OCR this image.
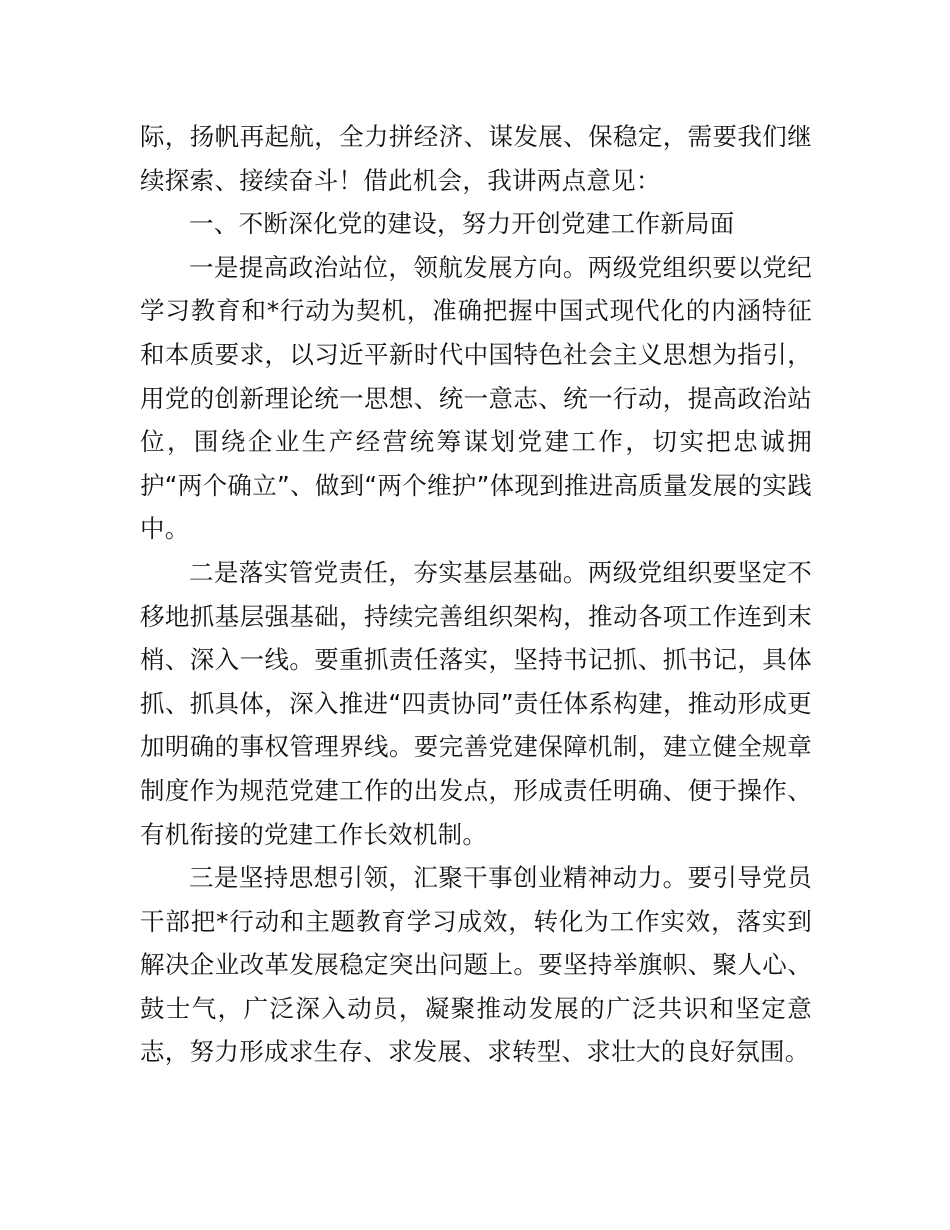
际，扬帆再起航，全力拼经济、谋发展、保稳定，需要我们继续探索、接续奋斗！借此机会，我讲两点意见：

一、不断深化党的建设，努力开创党建工作新局面

一是提高政治站位，领航发展方向。两级党组织要以党纪学习教育和*行动为契机，准确把握中国式现代化的内涵特征和本质要求，以习近平新时代中国特色社会主义思想为指引，用党的创新理论统一思想、统一意志、统一行动，提高政治站位，围绕企业生产经营统筹谋划党建工作，切实把忠诚拥护“两个确立”、做到“两个维护”体现到推进高质量发展的实践中。

二是落实管党责任，夯实基层基础。两级党组织要坚定不移地抓基层强基础，持续完善组织架构，推动各项工作连到末梢、深入一线。要重抓责任落实，坚持书记抓、抓书记，具体抓、抓具体，深入推进“四责协同”责任体系构建，推动形成更加明确的事权管理界线。要完善党建保障机制，建立健全规章制度作为规范党建工作的出发点，形成责任明确、便于操作、有机衔接的党建工作长效机制。

三是坚持思想引领，汇聚干事创业精神动力。要引导党员干部把*行动和主题教育学习成效，转化为工作实效，落实到解决企业改革发展稳定突出问题上。要坚持举旗帜、聚人心、鼓士气，广泛深入动员，凝聚推动发展的广泛共识和坚定意志，努力形成求生存、求发展、求转型、求壮大的良好氛围。
